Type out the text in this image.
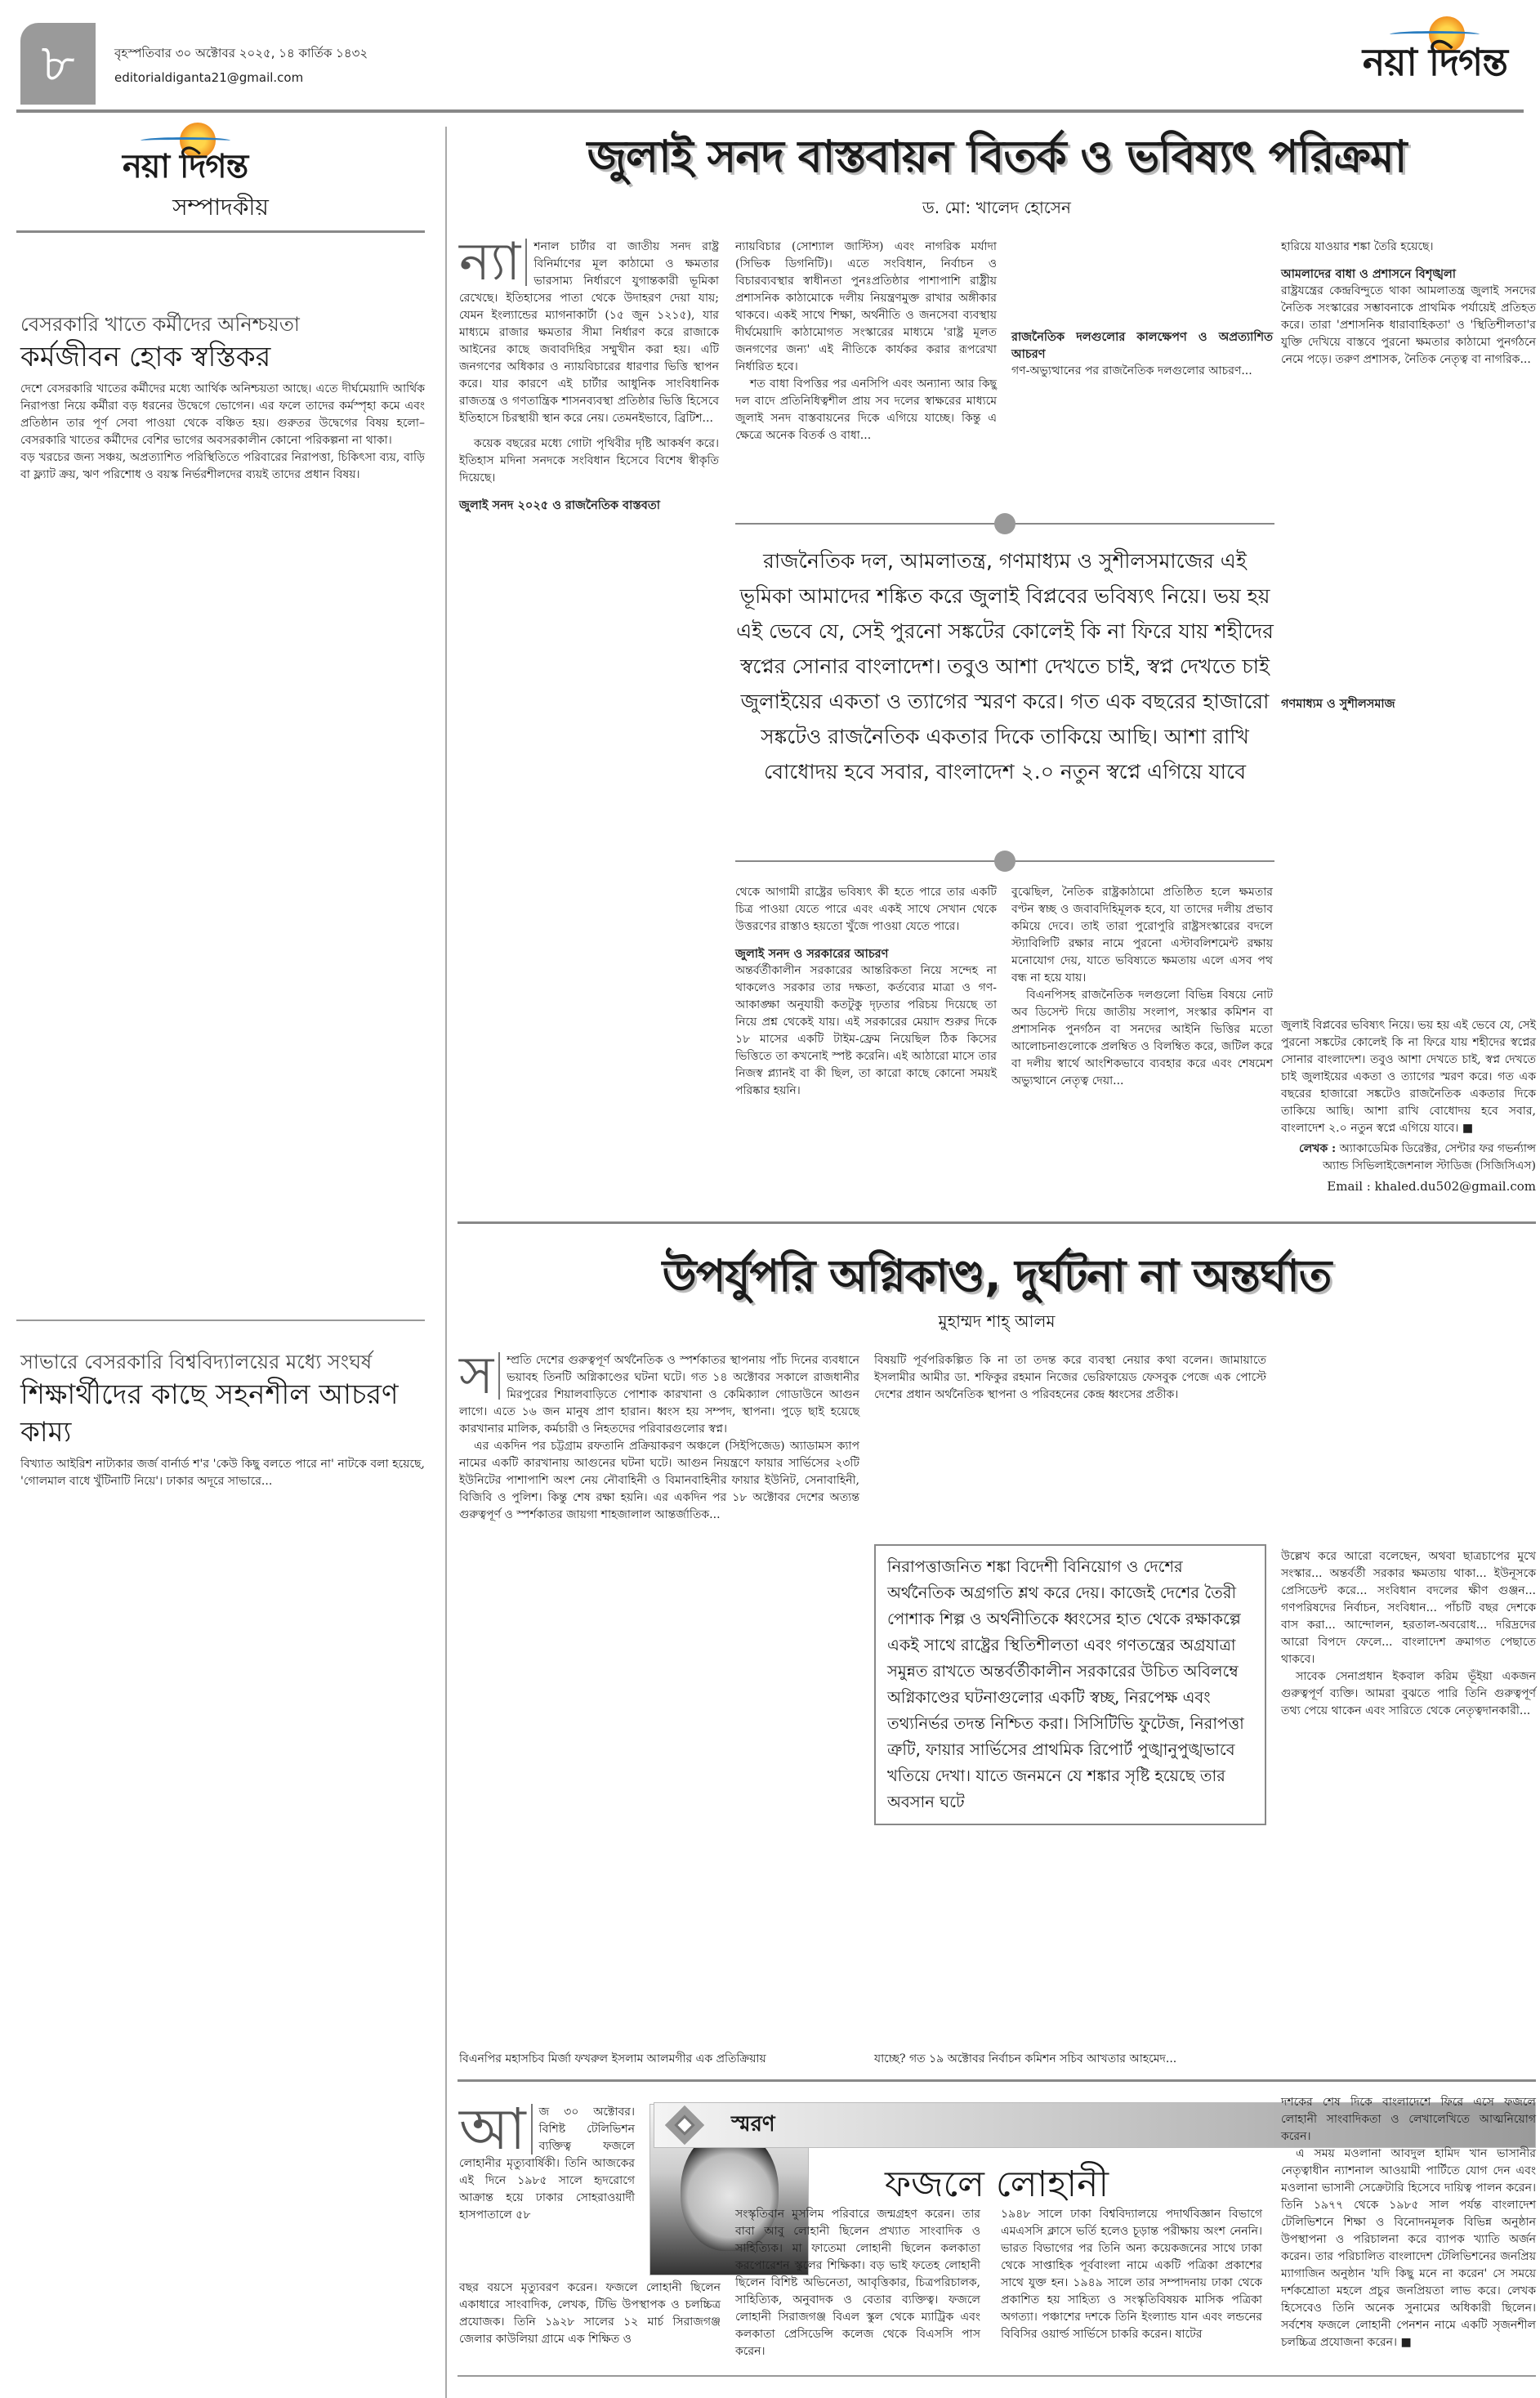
৮	বৃহস্পতিবার ৩০ অক্টোবর ২০২৫, ১৪ কার্তিক ১৪৩২
editorialdiganta21@gmail.com	নয়া দিগন্ত
নয়া দিগন্ত
সম্পাদকীয়
বেসরকারি খাতে কর্মীদের অনিশ্চয়তা
কর্মজীবন হোক স্বস্তিকর

দেশে বেসরকারি খাতের কর্মীদের মধ্যে আর্থিক অনিশ্চয়তা আছে। এতে দীর্ঘমেয়াদি আর্থিক নিরাপত্তা নিয়ে কর্মীরা বড় ধরনের উদ্বেগে ভোগেন। এর ফলে তাদের কর্মস্পৃহা কমে এবং প্রতিষ্ঠান তার পূর্ণ সেবা পাওয়া থেকে বঞ্চিত হয়। গুরুতর উদ্বেগের বিষয় হলো– বেসরকারি খাতের কর্মীদের বেশির ভাগের অবসরকালীন কোনো পরিকল্পনা না থাকা।

বড় খরচের জন্য সঞ্চয়, অপ্রত্যাশিত পরিস্থিতিতে পরিবারের নিরাপত্তা, চিকিৎসা ব্যয়, বাড়ি বা ফ্ল্যাট ক্রয়, ঋণ পরিশোধ ও বয়স্ক নির্ভরশীলদের ব্যয়ই তাদের প্রধান বিষয়।

সাভারে বেসরকারি বিশ্ববিদ্যালয়ের মধ্যে সংঘর্ষ
শিক্ষার্থীদের কাছে সহনশীল আচরণ কাম্য

বিখ্যাত আইরিশ নাট্যকার জর্জ বার্নার্ড শ'র 'কেউ কিছু বলতে পারে না' নাটকে বলা হয়েছে, 'গোলমাল বাধে খুঁটিনাটি নিয়ে'। ঢাকার অদূরে সাভারে...

জুলাই সনদ বাস্তবায়ন বিতর্ক ও ভবিষ্যৎ পরিক্রমা
ড. মো: খালেদ হোসেন

ন্যা	শনাল চার্টার বা জাতীয় সনদ রাষ্ট্র বিনির্মাণের মূল কাঠামো ও ক্ষমতার ভারসাম্য নির্ধারণে যুগান্তকারী ভূমিকা রেখেছে। ইতিহাসের পাতা থেকে উদাহরণ দেয়া যায়; যেমন ইংল্যান্ডের ম্যাগনাকার্টা (১৫ জুন ১২১৫), যার মাধ্যমে রাজার ক্ষমতার সীমা নির্ধারণ করে রাজাকে আইনের কাছে জবাবদিহির সম্মুখীন করা হয়। এটি জনগণের অধিকার ও ন্যায়বিচারের ধারণার ভিত্তি স্থাপন করে। যার কারণে এই চার্টার আধুনিক সাংবিধানিক রাজতন্ত্র ও গণতান্ত্রিক শাসনব্যবস্থা প্রতিষ্ঠার ভিত্তি হিসেবে ইতিহাসে চিরস্থায়ী স্থান করে নেয়। তেমনইভাবে, ব্রিটিশ...

কয়েক বছরের মধ্যে গোটা পৃথিবীর দৃষ্টি আকর্ষণ করে। ইতিহাস মদিনা সনদকে সংবিধান হিসেবে বিশেষ স্বীকৃতি দিয়েছে।

জুলাই সনদ ২০২৫ ও রাজনৈতিক বাস্তবতা

ন্যায়বিচার (সোশ্যাল জাস্টিস) এবং নাগরিক মর্যাদা (সিভিক ডিগনিটি)। এতে সংবিধান, নির্বাচন ও বিচারব্যবস্থার স্বাধীনতা পুনঃপ্রতিষ্ঠার পাশাপাশি রাষ্ট্রীয় প্রশাসনিক কাঠামোকে দলীয় নিয়ন্ত্রণমুক্ত রাখার অঙ্গীকার থাকবে। একই সাথে শিক্ষা, অর্থনীতি ও জনসেবা ব্যবস্থায় দীর্ঘমেয়াদি কাঠামোগত সংস্কারের মাধ্যমে 'রাষ্ট্র মূলত জনগণের জন্য' এই নীতিকে কার্যকর করার রূপরেখা নির্ধারিত হবে।

শত বাধা বিপত্তির পর এনসিপি এবং অন্যান্য আর কিছু দল বাদে প্রতিনিধিত্বশীল প্রায় সব দলের স্বাক্ষরের মাধ্যমে জুলাই সনদ বাস্তবায়নের দিকে এগিয়ে যাচ্ছে। কিন্তু এ ক্ষেত্রে অনেক বিতর্ক ও বাধা...

রাজনৈতিক দলগুলোর কালক্ষেপণ ও অপ্রত্যাশিত আচরণ

গণ-অভ্যুত্থানের পর রাজনৈতিক দলগুলোর আচরণ...

হারিয়ে যাওয়ার শঙ্কা তৈরি হয়েছে।

আমলাদের বাধা ও প্রশাসনে বিশৃঙ্খলা

রাষ্ট্রযন্ত্রের কেন্দ্রবিন্দুতে থাকা আমলাতন্ত্র জুলাই সনদের নৈতিক সংস্কারের সম্ভাবনাকে প্রাথমিক পর্যায়েই প্রতিহত করে। তারা 'প্রশাসনিক ধারাবাহিকতা' ও 'স্থিতিশীলতা'র যুক্তি দেখিয়ে বাস্তবে পুরনো ক্ষমতার কাঠামো পুনর্গঠনে নেমে পড়ে। তরুণ প্রশাসক, নৈতিক নেতৃত্ব বা নাগরিক...

গণমাধ্যম ও সুশীলসমাজ
রাজনৈতিক দল, আমলাতন্ত্র, গণমাধ্যম ও সুশীলসমাজের এই ভূমিকা আমাদের শঙ্কিত করে জুলাই বিপ্লবের ভবিষ্যৎ নিয়ে। ভয় হয় এই ভেবে যে, সেই পুরনো সঙ্কটের কোলেই কি না ফিরে যায় শহীদের স্বপ্নের সোনার বাংলাদেশ। তবুও আশা দেখতে চাই, স্বপ্ন দেখতে চাই জুলাইয়ের একতা ও ত্যাগের স্মরণ করে। গত এক বছরের হাজারো সঙ্কটেও রাজনৈতিক একতার দিকে তাকিয়ে আছি। আশা রাখি বোধোদয় হবে সবার, বাংলাদেশ ২.০ নতুন স্বপ্নে এগিয়ে যাবে

থেকে আগামী রাষ্ট্রের ভবিষ্যৎ কী হতে পারে তার একটি চিত্র পাওয়া যেতে পারে এবং একই সাথে সেখান থেকে উত্তরণের রাস্তাও হয়তো খুঁজে পাওয়া যেতে পারে।

জুলাই সনদ ও সরকারের আচরণ

অন্তর্বর্তীকালীন সরকারের আন্তরিকতা নিয়ে সন্দেহ না থাকলেও সরকার তার দক্ষতা, কর্তব্যের মাত্রা ও গণ-আকাঙ্ক্ষা অনুযায়ী কতটুকু দৃঢ়তার পরিচয় দিয়েছে তা নিয়ে প্রশ্ন থেকেই যায়। এই সরকারের মেয়াদ শুরুর দিকে ১৮ মাসের একটি টাইম-ফ্রেম নিয়েছিল ঠিক কিসের ভিত্তিতে তা কখনোই স্পষ্ট করেনি। এই আঠারো মাসে তার নিজস্ব প্ল্যানই বা কী ছিল, তা কারো কাছে কোনো সময়ই পরিষ্কার হয়নি।

বুঝেছিল, নৈতিক রাষ্ট্রকাঠামো প্রতিষ্ঠিত হলে ক্ষমতার বণ্টন স্বচ্ছ ও জবাবদিহিমূলক হবে, যা তাদের দলীয় প্রভাব কমিয়ে দেবে। তাই তারা পুরোপুরি রাষ্ট্রসংস্কারের বদলে স্ট্যাবিলিটি রক্ষার নামে পুরনো এস্টাবলিশমেন্ট রক্ষায় মনোযোগ দেয়, যাতে ভবিষ্যতে ক্ষমতায় এলে এসব পথ বন্ধ না হয়ে যায়।

বিএনপিসহ রাজনৈতিক দলগুলো বিভিন্ন বিষয়ে নোট অব ডিসেন্ট দিয়ে জাতীয় সংলাপ, সংস্কার কমিশন বা প্রশাসনিক পুনর্গঠন বা সনদের আইনি ভিত্তির মতো আলোচনাগুলোকে প্রলম্বিত ও বিলম্বিত করে, জটিল করে বা দলীয় স্বার্থে আংশিকভাবে ব্যবহার করে এবং শেষমেশ অভ্যুত্থানে নেতৃত্ব দেয়া...

জুলাই বিপ্লবের ভবিষ্যৎ নিয়ে। ভয় হয় এই ভেবে যে, সেই পুরনো সঙ্কটের কোলেই কি না ফিরে যায় শহীদের স্বপ্নের সোনার বাংলাদেশ। তবুও আশা দেখতে চাই, স্বপ্ন দেখতে চাই জুলাইয়ের একতা ও ত্যাগের স্মরণ করে। গত এক বছরের হাজারো সঙ্কটেও রাজনৈতিক একতার দিকে তাকিয়ে আছি। আশা রাখি বোধোদয় হবে সবার, বাংলাদেশ ২.০ নতুন স্বপ্নে এগিয়ে যাবে। ■

লেখক : অ্যাকাডেমিক ডিরেক্টর, সেন্টার ফর গভর্ন্যান্স অ্যান্ড সিভিলাইজেশনাল স্টাডিজ (সিজিসিএস)

Email : khaled.du502@gmail.com

উপর্যুপরি অগ্নিকাণ্ড, দুর্ঘটনা না অন্তর্ঘাত
মুহাম্মদ শাহ্ আলম

স	ম্প্রতি দেশের গুরুত্বপূর্ণ অর্থনৈতিক ও স্পর্শকাতর স্থাপনায় পাঁচ দিনের ব্যবধানে ভয়াবহ তিনটি অগ্নিকাণ্ডের ঘটনা ঘটে। গত ১৪ অক্টোবর সকালে রাজধানীর মিরপুরের শিয়ালবাড়িতে পোশাক কারখানা ও কেমিক্যাল গোডাউনে আগুন লাগে। এতে ১৬ জন মানুষ প্রাণ হারান। ধ্বংস হয় সম্পদ, স্থাপনা। পুড়ে ছাই হয়েছে কারখানার মালিক, কর্মচারী ও নিহতদের পরিবারগুলোর স্বপ্ন।

এর একদিন পর চট্টগ্রাম রফতানি প্রক্রিয়াকরণ অঞ্চলে (সিইপিজেড) অ্যাডামস ক্যাপ নামের একটি কারখানায় আগুনের ঘটনা ঘটে। আগুন নিয়ন্ত্রণে ফায়ার সার্ভিসের ২৩টি ইউনিটের পাশাপাশি অংশ নেয় নৌবাহিনী ও বিমানবাহিনীর ফায়ার ইউনিট, সেনাবাহিনী, বিজিবি ও পুলিশ। কিন্তু শেষ রক্ষা হয়নি। এর একদিন পর ১৮ অক্টোবর দেশের অত্যন্ত গুরুত্বপূর্ণ ও স্পর্শকাতর জায়গা শাহজালাল আন্তর্জাতিক...

বিষয়টি পূর্বপরিকল্পিত কি না তা তদন্ত করে ব্যবস্থা নেয়ার কথা বলেন। জামায়াতে ইসলামীর আমীর ডা. শফিকুর রহমান নিজের ভেরিফায়েড ফেসবুক পেজে এক পোস্টে দেশের প্রধান অর্থনৈতিক স্থাপনা ও পরিবহনের কেন্দ্র ধ্বংসের প্রতীক।

নিরাপত্তাজনিত শঙ্কা বিদেশী বিনিয়োগ ও দেশের অর্থনৈতিক অগ্রগতি শ্লথ করে দেয়। কাজেই দেশের তৈরী পোশাক শিল্প ও অর্থনীতিকে ধ্বংসের হাত থেকে রক্ষাকল্পে একই সাথে রাষ্ট্রের স্থিতিশীলতা এবং গণতন্ত্রের অগ্রযাত্রা সমুন্নত রাখতে অন্তর্বর্তীকালীন সরকারের উচিত অবিলম্বে অগ্নিকাণ্ডের ঘটনাগুলোর একটি স্বচ্ছ, নিরপেক্ষ এবং তথ্যনির্ভর তদন্ত নিশ্চিত করা। সিসিটিভি ফুটেজ, নিরাপত্তা ত্রুটি, ফায়ার সার্ভিসের প্রাথমিক রিপোর্ট পুঙ্খানুপুঙ্খভাবে খতিয়ে দেখা। যাতে জনমনে যে শঙ্কার সৃষ্টি হয়েছে তার অবসান ঘটে

উল্লেখ করে আরো বলেছেন, অথবা ছাত্রচাপের মুখে সংস্কার... অন্তর্বর্তী সরকার ক্ষমতায় থাকা... ইউনূসকে প্রেসিডেন্ট করে... সংবিধান বদলের ক্ষীণ গুঞ্জন... গণপরিষদের নির্বাচন, সংবিধান... পাঁচটি বছর দেশকে বাস করা... আন্দোলন, হরতাল-অবরোধ... দরিদ্রদের আরো বিপদে ফেলে... বাংলাদেশ ক্রমাগত পেছাতে থাকবে।

সাবেক সেনাপ্রধান ইকবাল করিম ভূঁইয়া একজন গুরুত্বপূর্ণ ব্যক্তি। আমরা বুঝতে পারি তিনি গুরুত্বপূর্ণ তথ্য পেয়ে থাকেন এবং সারিতে থেকে নেতৃত্বদানকারী...

বিএনপির মহাসচিব মির্জা ফখরুল ইসলাম আলমগীর এক প্রতিক্রিয়ায়	যাচ্ছে? গত ১৯ অক্টোবর নির্বাচন কমিশন সচিব আখতার আহমেদ...

আ	জ ৩০ অক্টোবর। বিশিষ্ট টেলিভিশন ব্যক্তিত্ব ফজলে লোহানীর মৃত্যুবার্ষিকী। তিনি আজকের এই দিনে ১৯৮৫ সালে হৃদরোগে আক্রান্ত হয়ে ঢাকার সোহরাওয়ার্দী হাসপাতালে ৫৮

বছর বয়সে মৃত্যুবরণ করেন। ফজলে লোহানী ছিলেন একাধারে সাংবাদিক, লেখক, টিভি উপস্থাপক ও চলচ্চিত্র প্রযোজক। তিনি ১৯২৮ সালের ১২ মার্চ সিরাজগঞ্জ জেলার কাউলিয়া গ্রামে এক শিক্ষিত ও
স্মরণ
ফজলে লোহানী
সংস্কৃতিবান মুসলিম পরিবারে জন্মগ্রহণ করেন। তার বাবা আবু লোহানী ছিলেন প্রখ্যাত সাংবাদিক ও সাহিত্যিক। মা ফাতেমা লোহানী ছিলেন কলকাতা করপোরেশন স্কুলের শিক্ষিকা। বড় ভাই ফতেহ লোহানী ছিলেন বিশিষ্ট অভিনেতা, আবৃত্তিকার, চিত্রপরিচালক, সাহিত্যিক, অনুবাদক ও বেতার ব্যক্তিত্ব। ফজলে লোহানী সিরাজগঞ্জ বিএল স্কুল থেকে ম্যাট্রিক এবং কলকাতা প্রেসিডেন্সি কলেজ থেকে বিএসসি পাস করেন।
১৯৪৮ সালে ঢাকা বিশ্ববিদ্যালয়ে পদার্থবিজ্ঞান বিভাগে এমএসসি ক্লাসে ভর্তি হলেও চূড়ান্ত পরীক্ষায় অংশ নেননি। ভারত বিভাগের পর তিনি অন্য কয়েকজনের সাথে ঢাকা থেকে সাপ্তাহিক পূর্ববাংলা নামে একটি পত্রিকা প্রকাশের সাথে যুক্ত হন। ১৯৪৯ সালে তার সম্পাদনায় ঢাকা থেকে প্রকাশিত হয় সাহিত্য ও সংস্কৃতিবিষয়ক মাসিক পত্রিকা অগত্যা। পঞ্চাশের দশকে তিনি ইংল্যান্ড যান এবং লন্ডনের বিবিসির ওয়ার্ল্ড সার্ভিসে চাকরি করেন। ষাটের

দশকের শেষ দিকে বাংলাদেশে ফিরে এসে ফজলে লোহানী সাংবাদিকতা ও লেখালেখিতে আত্মনিয়োগ করেন।

এ সময় মওলানা আবদুল হামিদ খান ভাসানীর নেতৃত্বাধীন ন্যাশনাল আওয়ামী পার্টিতে যোগ দেন এবং মওলানা ভাসানী সেক্রেটারি হিসেবে দায়িত্ব পালন করেন। তিনি ১৯৭৭ থেকে ১৯৮৫ সাল পর্যন্ত বাংলাদেশ টেলিভিশনে শিক্ষা ও বিনোদনমূলক বিভিন্ন অনুষ্ঠান উপস্থাপনা ও পরিচালনা করে ব্যাপক খ্যাতি অর্জন করেন। তার পরিচালিত বাংলাদেশ টেলিভিশনের জনপ্রিয় ম্যাগাজিন অনুষ্ঠান 'যদি কিছু মনে না করেন' সে সময়ে দর্শকশ্রোতা মহলে প্রচুর জনপ্রিয়তা লাভ করে। লেখক হিসেবেও তিনি অনেক সুনামের অধিকারী ছিলেন। সর্বশেষ ফজলে লোহানী পেনশন নামে একটি সৃজনশীল চলচ্চিত্র প্রযোজনা করেন। ■
